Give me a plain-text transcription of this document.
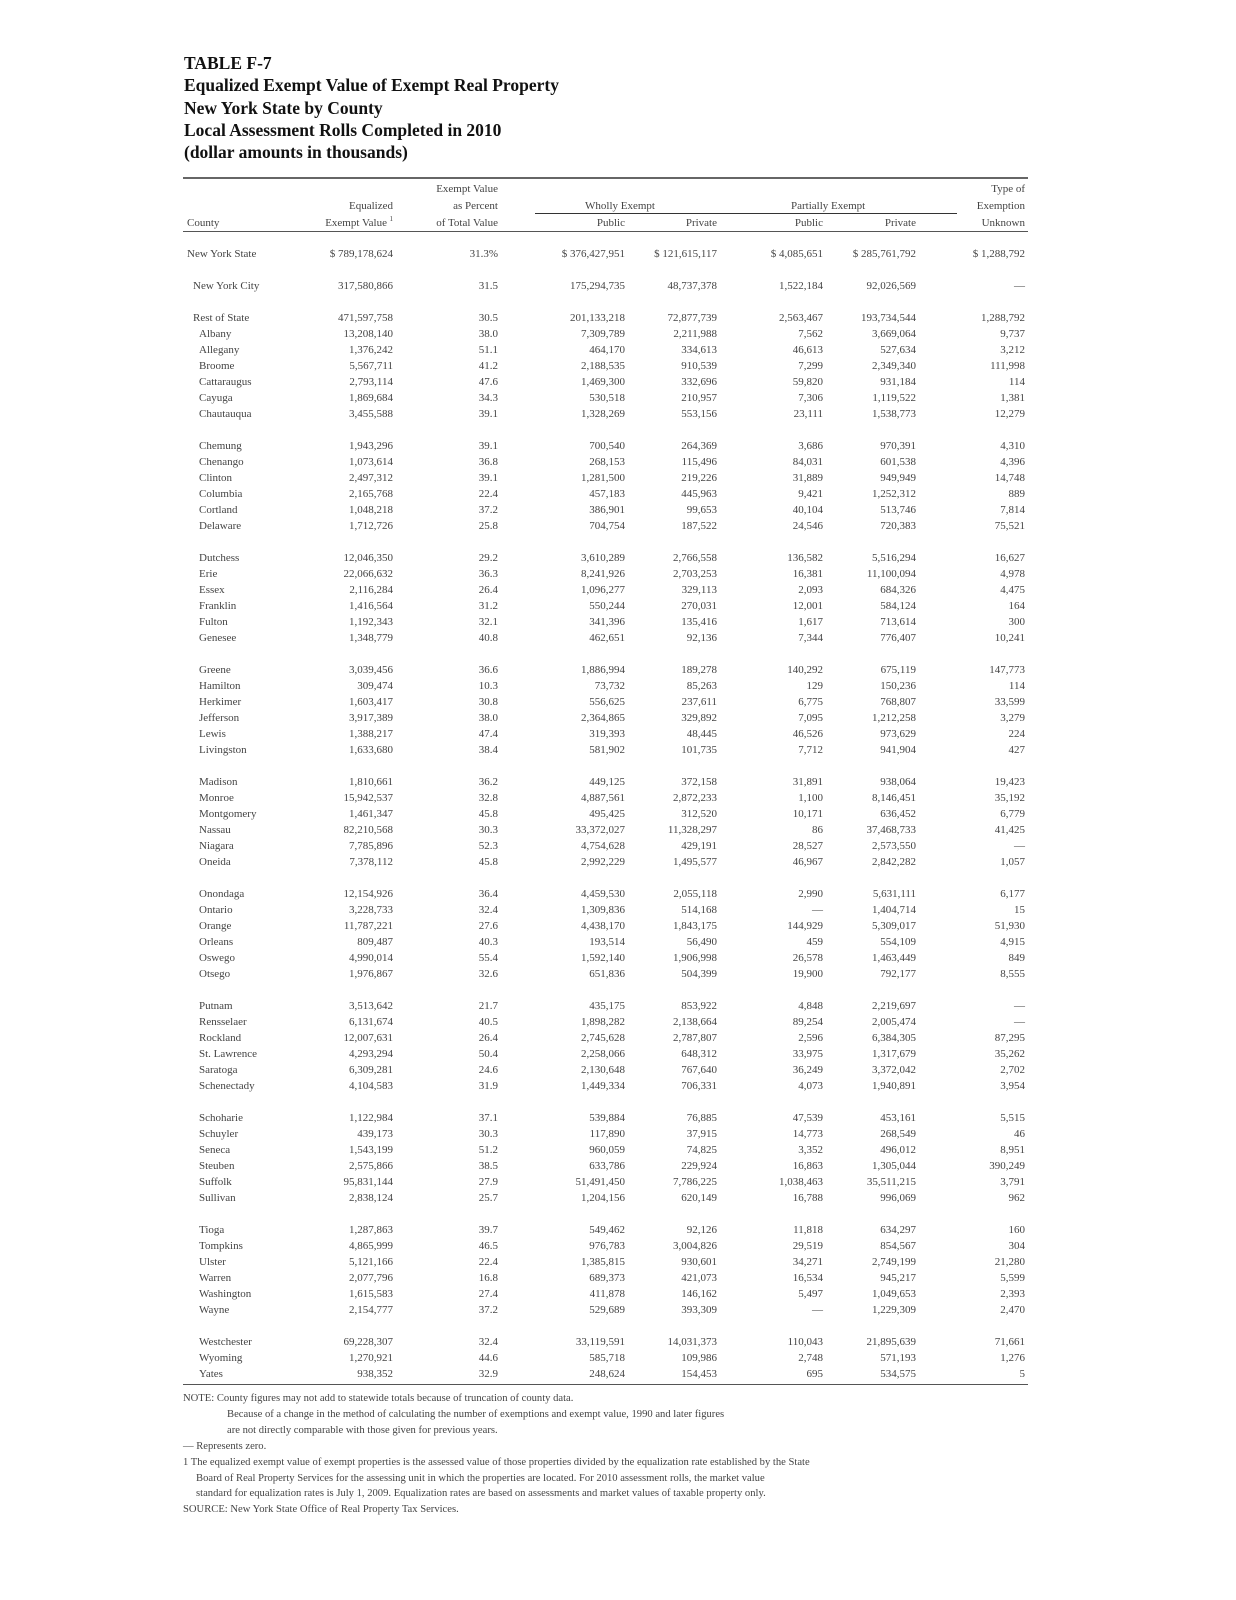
TABLE F-7
Equalized Exempt Value of Exempt Real Property
New York State by County
Local Assessment Rolls Completed in 2010
(dollar amounts in thousands)
County
Equalized
Exempt Value 1
Exempt Value
as Percent
of Total Value
Wholly Exempt
Public	Private
Partially Exempt
Public	Private
Type of
Exemption
Unknown
New York State	$ 789,178,624	31.3%	$ 376,427,951	$ 121,615,117	$ 4,085,651	$ 285,761,792	$ 1,288,792
New York City	317,580,866	31.5	175,294,735	48,737,378	1,522,184	92,026,569	—
Rest of State	471,597,758	30.5	201,133,218	72,877,739	2,563,467	193,734,544	1,288,792
Albany	13,208,140	38.0	7,309,789	2,211,988	7,562	3,669,064	9,737
Allegany	1,376,242	51.1	464,170	334,613	46,613	527,634	3,212
Broome	5,567,711	41.2	2,188,535	910,539	7,299	2,349,340	111,998
Cattaraugus	2,793,114	47.6	1,469,300	332,696	59,820	931,184	114
Cayuga	1,869,684	34.3	530,518	210,957	7,306	1,119,522	1,381
Chautauqua	3,455,588	39.1	1,328,269	553,156	23,111	1,538,773	12,279
Chemung	1,943,296	39.1	700,540	264,369	3,686	970,391	4,310
Chenango	1,073,614	36.8	268,153	115,496	84,031	601,538	4,396
Clinton	2,497,312	39.1	1,281,500	219,226	31,889	949,949	14,748
Columbia	2,165,768	22.4	457,183	445,963	9,421	1,252,312	889
Cortland	1,048,218	37.2	386,901	99,653	40,104	513,746	7,814
Delaware	1,712,726	25.8	704,754	187,522	24,546	720,383	75,521
Dutchess	12,046,350	29.2	3,610,289	2,766,558	136,582	5,516,294	16,627
Erie	22,066,632	36.3	8,241,926	2,703,253	16,381	11,100,094	4,978
Essex	2,116,284	26.4	1,096,277	329,113	2,093	684,326	4,475
Franklin	1,416,564	31.2	550,244	270,031	12,001	584,124	164
Fulton	1,192,343	32.1	341,396	135,416	1,617	713,614	300
Genesee	1,348,779	40.8	462,651	92,136	7,344	776,407	10,241
Greene	3,039,456	36.6	1,886,994	189,278	140,292	675,119	147,773
Hamilton	309,474	10.3	73,732	85,263	129	150,236	114
Herkimer	1,603,417	30.8	556,625	237,611	6,775	768,807	33,599
Jefferson	3,917,389	38.0	2,364,865	329,892	7,095	1,212,258	3,279
Lewis	1,388,217	47.4	319,393	48,445	46,526	973,629	224
Livingston	1,633,680	38.4	581,902	101,735	7,712	941,904	427
Madison	1,810,661	36.2	449,125	372,158	31,891	938,064	19,423
Monroe	15,942,537	32.8	4,887,561	2,872,233	1,100	8,146,451	35,192
Montgomery	1,461,347	45.8	495,425	312,520	10,171	636,452	6,779
Nassau	82,210,568	30.3	33,372,027	11,328,297	86	37,468,733	41,425
Niagara	7,785,896	52.3	4,754,628	429,191	28,527	2,573,550	—
Oneida	7,378,112	45.8	2,992,229	1,495,577	46,967	2,842,282	1,057
Onondaga	12,154,926	36.4	4,459,530	2,055,118	2,990	5,631,111	6,177
Ontario	3,228,733	32.4	1,309,836	514,168	—	1,404,714	15
Orange	11,787,221	27.6	4,438,170	1,843,175	144,929	5,309,017	51,930
Orleans	809,487	40.3	193,514	56,490	459	554,109	4,915
Oswego	4,990,014	55.4	1,592,140	1,906,998	26,578	1,463,449	849
Otsego	1,976,867	32.6	651,836	504,399	19,900	792,177	8,555
Putnam	3,513,642	21.7	435,175	853,922	4,848	2,219,697	—
Rensselaer	6,131,674	40.5	1,898,282	2,138,664	89,254	2,005,474	—
Rockland	12,007,631	26.4	2,745,628	2,787,807	2,596	6,384,305	87,295
St. Lawrence	4,293,294	50.4	2,258,066	648,312	33,975	1,317,679	35,262
Saratoga	6,309,281	24.6	2,130,648	767,640	36,249	3,372,042	2,702
Schenectady	4,104,583	31.9	1,449,334	706,331	4,073	1,940,891	3,954
Schoharie	1,122,984	37.1	539,884	76,885	47,539	453,161	5,515
Schuyler	439,173	30.3	117,890	37,915	14,773	268,549	46
Seneca	1,543,199	51.2	960,059	74,825	3,352	496,012	8,951
Steuben	2,575,866	38.5	633,786	229,924	16,863	1,305,044	390,249
Suffolk	95,831,144	27.9	51,491,450	7,786,225	1,038,463	35,511,215	3,791
Sullivan	2,838,124	25.7	1,204,156	620,149	16,788	996,069	962
Tioga	1,287,863	39.7	549,462	92,126	11,818	634,297	160
Tompkins	4,865,999	46.5	976,783	3,004,826	29,519	854,567	304
Ulster	5,121,166	22.4	1,385,815	930,601	34,271	2,749,199	21,280
Warren	2,077,796	16.8	689,373	421,073	16,534	945,217	5,599
Washington	1,615,583	27.4	411,878	146,162	5,497	1,049,653	2,393
Wayne	2,154,777	37.2	529,689	393,309	—	1,229,309	2,470
Westchester	69,228,307	32.4	33,119,591	14,031,373	110,043	21,895,639	71,661
Wyoming	1,270,921	44.6	585,718	109,986	2,748	571,193	1,276
Yates	938,352	32.9	248,624	154,453	695	534,575	5
NOTE: County figures may not add to statewide totals because of truncation of county data.
Because of a change in the method of calculating the number of exemptions and exempt value, 1990 and later figures
are not directly comparable with those given for previous years.
— Represents zero.
1 The equalized exempt value of exempt properties is the assessed value of those properties divided by the equalization rate established by the State
Board of Real Property Services for the assessing unit in which the properties are located. For 2010 assessment rolls, the market value
standard for equalization rates is July 1, 2009. Equalization rates are based on assessments and market values of taxable property only.
SOURCE: New York State Office of Real Property Tax Services.
